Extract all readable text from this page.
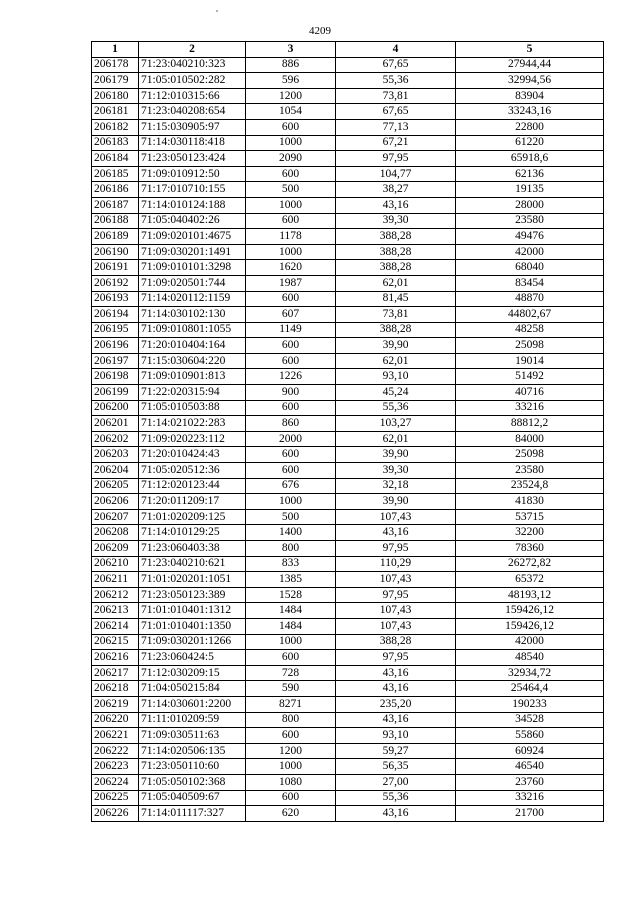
4209
1	2	3	4	5
206178	71:23:040210:323	886	67,65	27944,44
206179	71:05:010502:282	596	55,36	32994,56
206180	71:12:010315:66	1200	73,81	83904
206181	71:23:040208:654	1054	67,65	33243,16
206182	71:15:030905:97	600	77,13	22800
206183	71:14:030118:418	1000	67,21	61220
206184	71:23:050123:424	2090	97,95	65918,6
206185	71:09:010912:50	600	104,77	62136
206186	71:17:010710:155	500	38,27	19135
206187	71:14:010124:188	1000	43,16	28000
206188	71:05:040402:26	600	39,30	23580
206189	71:09:020101:4675	1178	388,28	49476
206190	71:09:030201:1491	1000	388,28	42000
206191	71:09:010101:3298	1620	388,28	68040
206192	71:09:020501:744	1987	62,01	83454
206193	71:14:020112:1159	600	81,45	48870
206194	71:14:030102:130	607	73,81	44802,67
206195	71:09:010801:1055	1149	388,28	48258
206196	71:20:010404:164	600	39,90	25098
206197	71:15:030604:220	600	62,01	19014
206198	71:09:010901:813	1226	93,10	51492
206199	71:22:020315:94	900	45,24	40716
206200	71:05:010503:88	600	55,36	33216
206201	71:14:021022:283	860	103,27	88812,2
206202	71:09:020223:112	2000	62,01	84000
206203	71:20:010424:43	600	39,90	25098
206204	71:05:020512:36	600	39,30	23580
206205	71:12:020123:44	676	32,18	23524,8
206206	71:20:011209:17	1000	39,90	41830
206207	71:01:020209:125	500	107,43	53715
206208	71:14:010129:25	1400	43,16	32200
206209	71:23:060403:38	800	97,95	78360
206210	71:23:040210:621	833	110,29	26272,82
206211	71:01:020201:1051	1385	107,43	65372
206212	71:23:050123:389	1528	97,95	48193,12
206213	71:01:010401:1312	1484	107,43	159426,12
206214	71:01:010401:1350	1484	107,43	159426,12
206215	71:09:030201:1266	1000	388,28	42000
206216	71:23:060424:5	600	97,95	48540
206217	71:12:030209:15	728	43,16	32934,72
206218	71:04:050215:84	590	43,16	25464,4
206219	71:14:030601:2200	8271	235,20	190233
206220	71:11:010209:59	800	43,16	34528
206221	71:09:030511:63	600	93,10	55860
206222	71:14:020506:135	1200	59,27	60924
206223	71:23:050110:60	1000	56,35	46540
206224	71:05:050102:368	1080	27,00	23760
206225	71:05:040509:67	600	55,36	33216
206226	71:14:011117:327	620	43,16	21700
